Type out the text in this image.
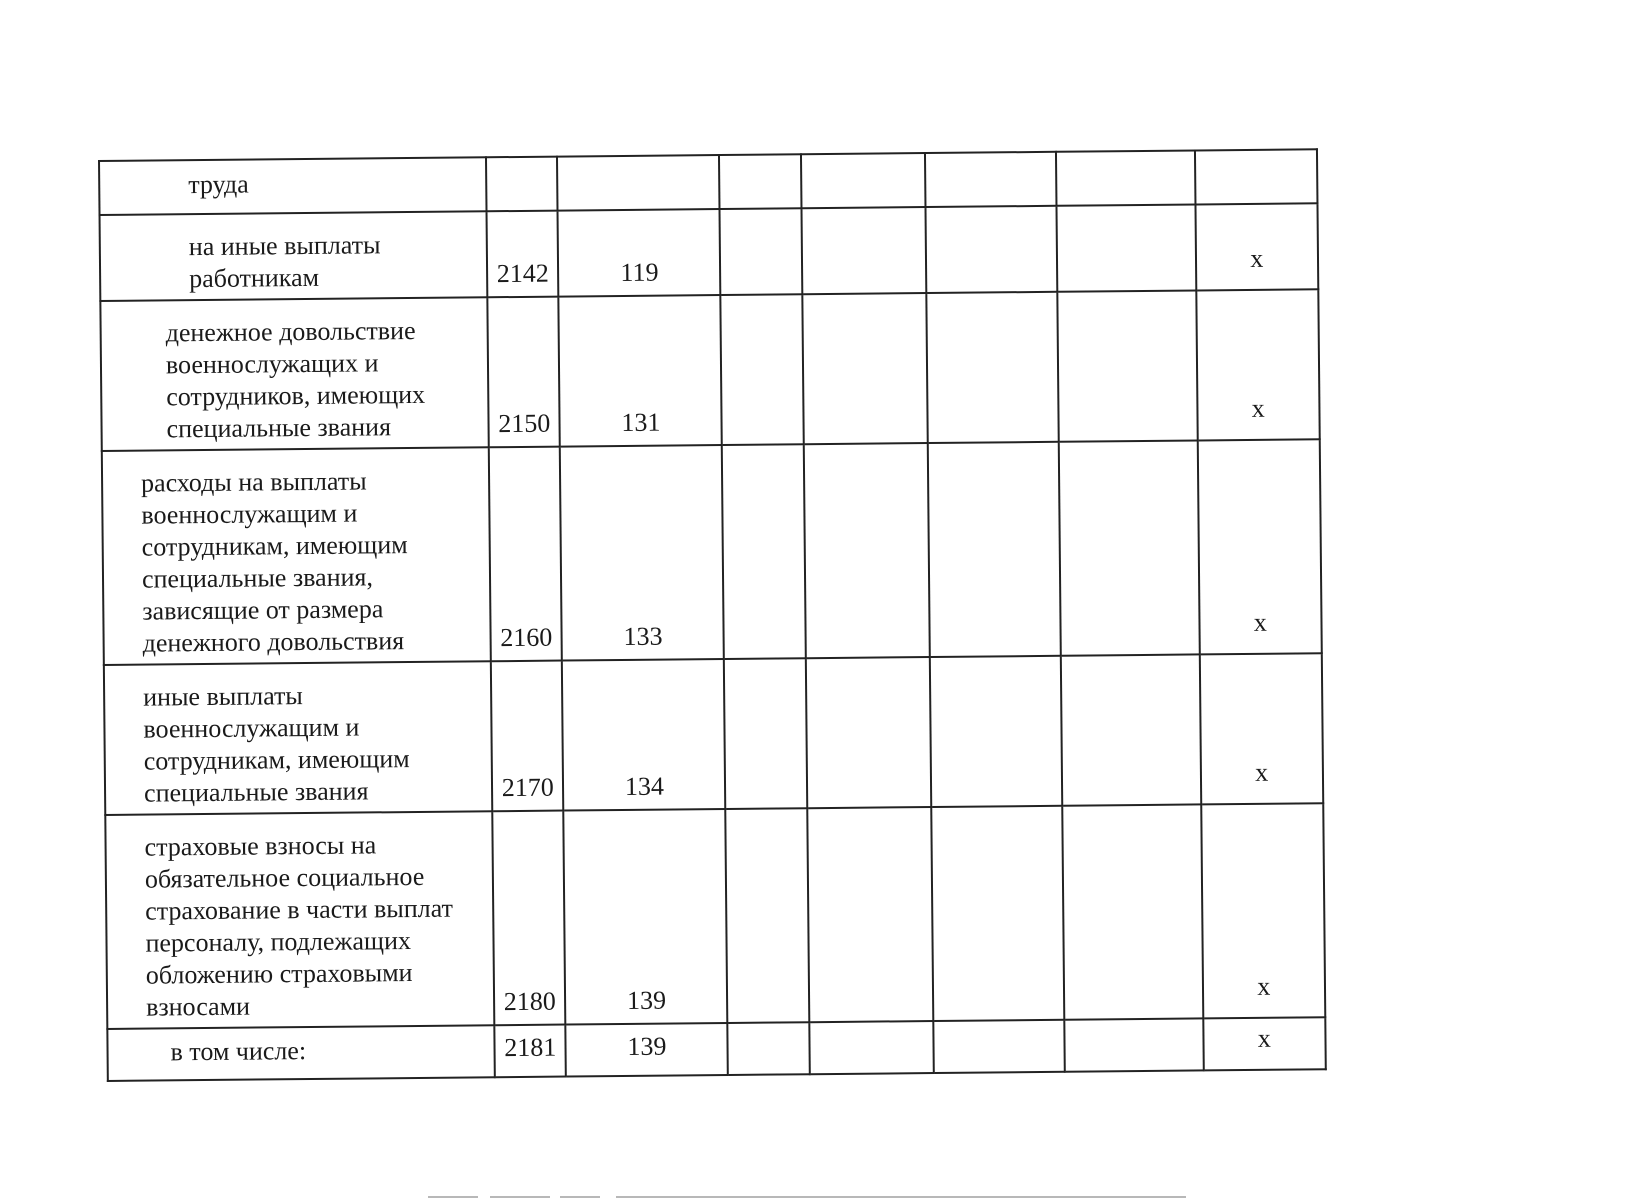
труда							

на иные выплаты работникам	2142	119					x

денежное довольствие военнослужащих и сотрудников, имеющих специальные звания	2150	131					x

расходы на выплаты военнослужащим и сотрудникам, имеющим специальные звания, зависящие от размера денежного довольствия	2160	133					x

иные выплаты военнослужащим и сотрудникам, имеющим специальные звания	2170	134					x

страховые взносы на обязательное социальное страхование в части выплат персоналу, подлежащих обложению страховыми взносами	2180	139					x

в том числе:	2181	139					x
